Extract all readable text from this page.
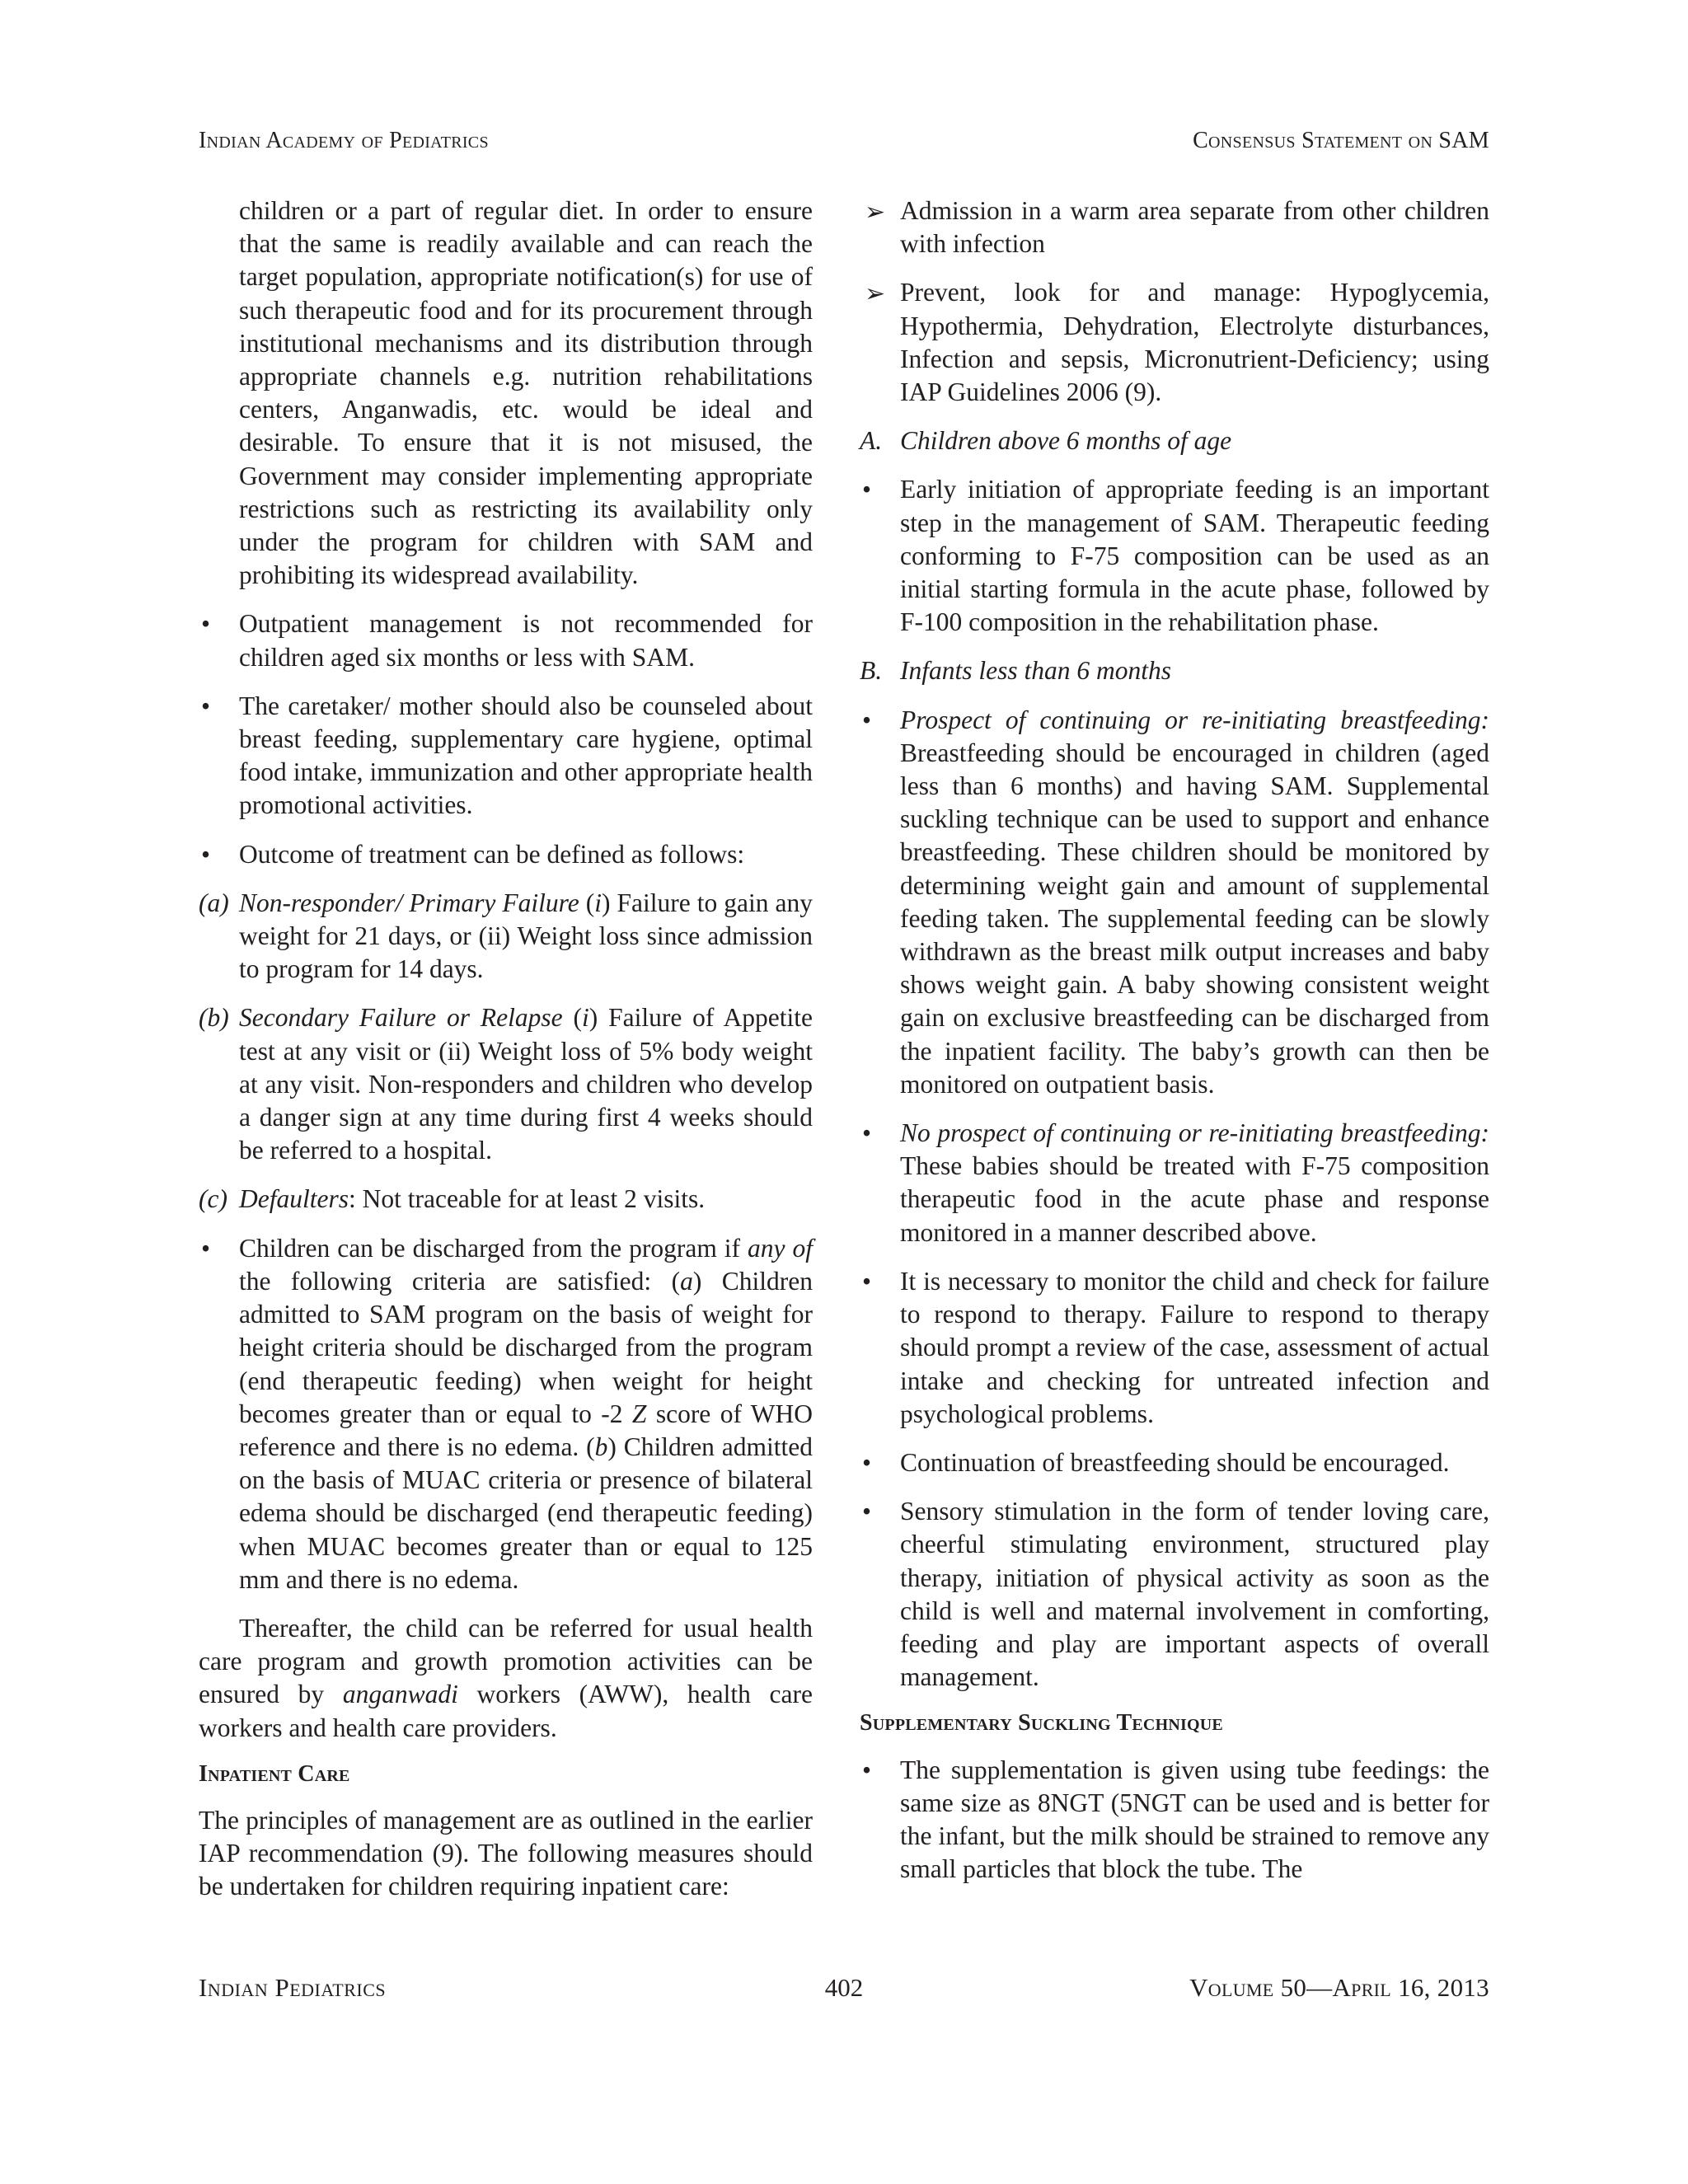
Indian Academy of Pediatrics	Consensus Statement on SAM

children or a part of regular diet. In order to ensure that the same is readily available and can reach the target population, appropriate notification(s) for use of such therapeutic food and for its procurement through institutional mechanisms and its distribution through appropriate channels e.g. nutrition rehabilitations centers, Anganwadis, etc. would be ideal and desirable. To ensure that it is not misused, the Government may consider implementing appropriate restrictions such as restricting its availability only under the program for children with SAM and prohibiting its widespread availability.

• Outpatient management is not recommended for children aged six months or less with SAM.
• The caretaker/ mother should also be counseled about breast feeding, supplementary care hygiene, optimal food intake, immunization and other appropriate health promotional activities.
• Outcome of treatment can be defined as follows:
(a) Non-responder/ Primary Failure (i) Failure to gain any weight for 21 days, or (ii) Weight loss since admission to program for 14 days.
(b) Secondary Failure or Relapse (i) Failure of Appetite test at any visit or (ii) Weight loss of 5% body weight at any visit. Non-responders and children who develop a danger sign at any time during first 4 weeks should be referred to a hospital.
(c) Defaulters: Not traceable for at least 2 visits.
• Children can be discharged from the program if any of the following criteria are satisfied: (a) Children admitted to SAM program on the basis of weight for height criteria should be discharged from the program (end therapeutic feeding) when weight for height becomes greater than or equal to -2 Z score of WHO reference and there is no edema. (b) Children admitted on the basis of MUAC criteria or presence of bilateral edema should be discharged (end therapeutic feeding) when MUAC becomes greater than or equal to 125 mm and there is no edema.

Thereafter, the child can be referred for usual health care program and growth promotion activities can be ensured by anganwadi workers (AWW), health care workers and health care providers.

Inpatient Care

The principles of management are as outlined in the earlier IAP recommendation (9). The following measures should be undertaken for children requiring inpatient care:

➢ Admission in a warm area separate from other children with infection
➢ Prevent, look for and manage: Hypoglycemia, Hypothermia, Dehydration, Electrolyte disturbances, Infection and sepsis, Micronutrient-Deficiency; using IAP Guidelines 2006 (9).
A. Children above 6 months of age
• Early initiation of appropriate feeding is an important step in the management of SAM. Therapeutic feeding conforming to F-75 composition can be used as an initial starting formula in the acute phase, followed by F-100 composition in the rehabilitation phase.
B. Infants less than 6 months
• Prospect of continuing or re-initiating breastfeeding: Breastfeeding should be encouraged in children (aged less than 6 months) and having SAM. Supplemental suckling technique can be used to support and enhance breastfeeding. These children should be monitored by determining weight gain and amount of supplemental feeding taken. The supplemental feeding can be slowly withdrawn as the breast milk output increases and baby shows weight gain. A baby showing consistent weight gain on exclusive breastfeeding can be discharged from the inpatient facility. The baby’s growth can then be monitored on outpatient basis.
• No prospect of continuing or re-initiating breastfeeding: These babies should be treated with F-75 composition therapeutic food in the acute phase and response monitored in a manner described above.
• It is necessary to monitor the child and check for failure to respond to therapy. Failure to respond to therapy should prompt a review of the case, assessment of actual intake and checking for untreated infection and psychological problems.
• Continuation of breastfeeding should be encouraged.
• Sensory stimulation in the form of tender loving care, cheerful stimulating environment, structured play therapy, initiation of physical activity as soon as the child is well and maternal involvement in comforting, feeding and play are important aspects of overall management.
Supplementary Suckling Technique
• The supplementation is given using tube feedings: the same size as 8NGT (5NGT can be used and is better for the infant, but the milk should be strained to remove any small particles that block the tube. The
Indian Pediatrics	402	Volume 50—April 16, 2013
